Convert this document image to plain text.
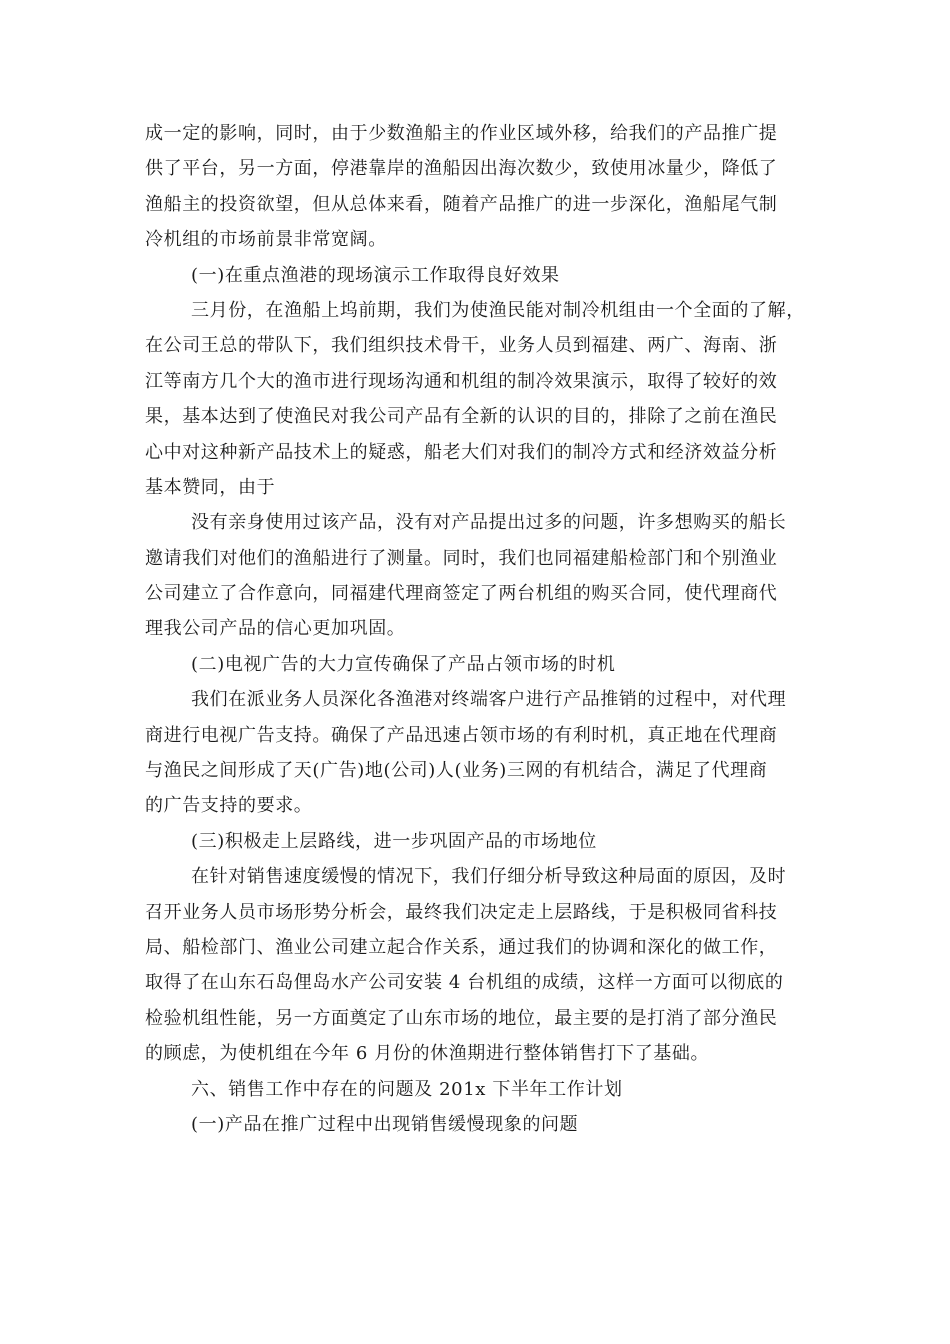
成一定的影响，同时，由于少数渔船主的作业区域外移，给我们的产品推广提
供了平台，另一方面，停港靠岸的渔船因出海次数少，致使用冰量少，降低了
渔船主的投资欲望，但从总体来看，随着产品推广的进一步深化，渔船尾气制
冷机组的市场前景非常宽阔。
(一)在重点渔港的现场演示工作取得良好效果
三月份，在渔船上坞前期，我们为使渔民能对制冷机组由一个全面的了解，
在公司王总的带队下，我们组织技术骨干，业务人员到福建、两广、海南、浙
江等南方几个大的渔市进行现场沟通和机组的制冷效果演示，取得了较好的效
果，基本达到了使渔民对我公司产品有全新的认识的目的，排除了之前在渔民
心中对这种新产品技术上的疑惑，船老大们对我们的制冷方式和经济效益分析
基本赞同，由于
没有亲身使用过该产品，没有对产品提出过多的问题，许多想购买的船长
邀请我们对他们的渔船进行了测量。同时，我们也同福建船检部门和个别渔业
公司建立了合作意向，同福建代理商签定了两台机组的购买合同，使代理商代
理我公司产品的信心更加巩固。
(二)电视广告的大力宣传确保了产品占领市场的时机
我们在派业务人员深化各渔港对终端客户进行产品推销的过程中，对代理
商进行电视广告支持。确保了产品迅速占领市场的有利时机，真正地在代理商
与渔民之间形成了天(广告)地(公司)人(业务)三网的有机结合，满足了代理商
的广告支持的要求。
(三)积极走上层路线，进一步巩固产品的市场地位
在针对销售速度缓慢的情况下，我们仔细分析导致这种局面的原因，及时
召开业务人员市场形势分析会，最终我们决定走上层路线，于是积极同省科技
局、船检部门、渔业公司建立起合作关系，通过我们的协调和深化的做工作，
取得了在山东石岛俚岛水产公司安装 4 台机组的成绩，这样一方面可以彻底的
检验机组性能，另一方面奠定了山东市场的地位，最主要的是打消了部分渔民
的顾虑，为使机组在今年 6 月份的休渔期进行整体销售打下了基础。
六、销售工作中存在的问题及 201x 下半年工作计划
(一)产品在推广过程中出现销售缓慢现象的问题
